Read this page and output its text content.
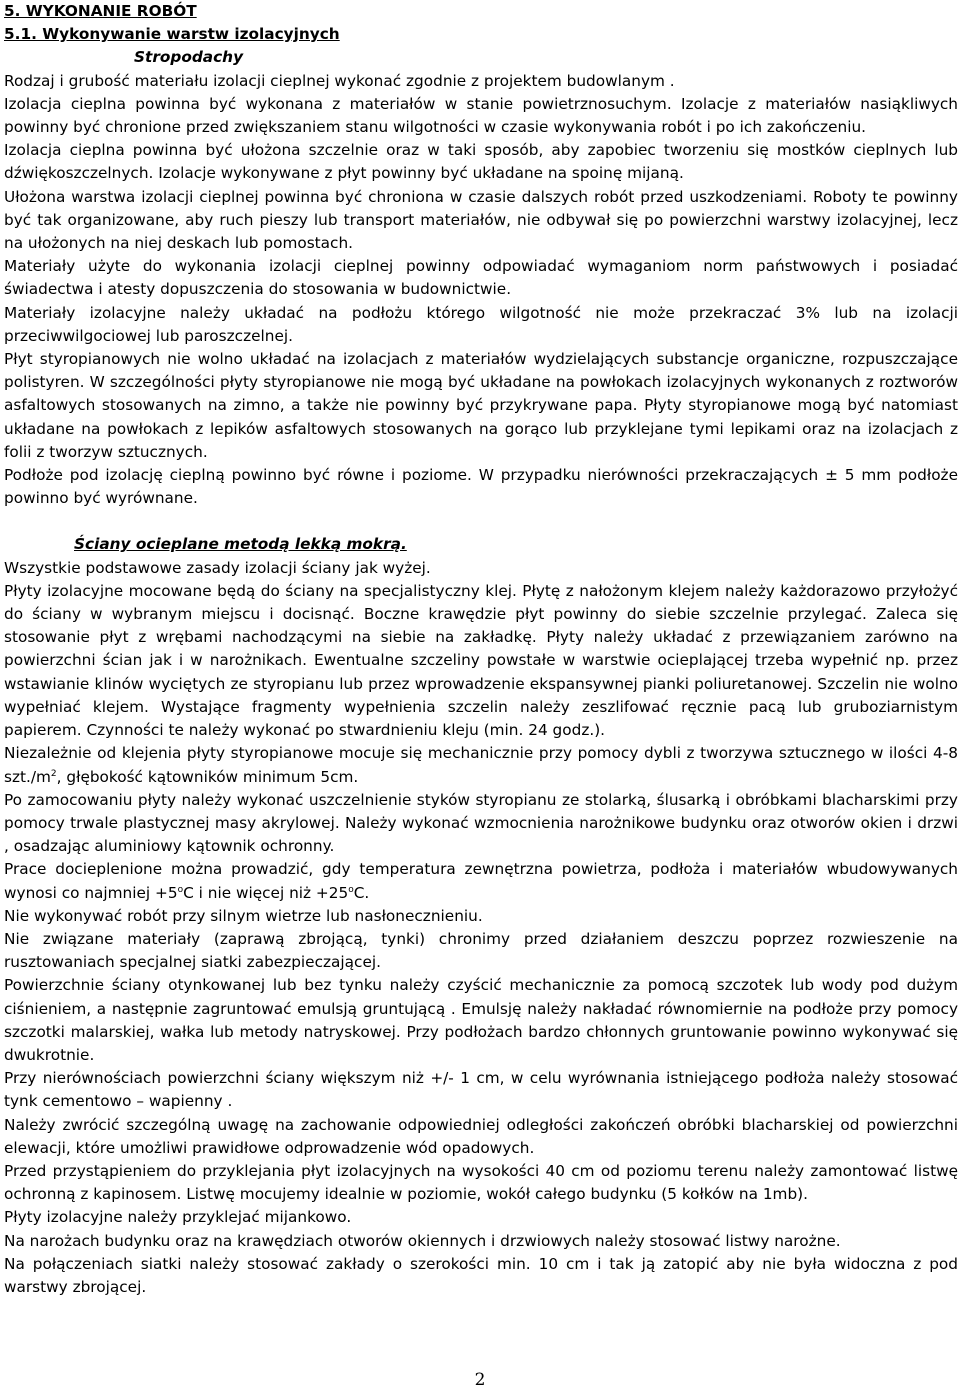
5. WYKONANIE ROBÓT
5.1. Wykonywanie warstw izolacyjnych
Stropodachy

Rodzaj i grubość materiału izolacji cieplnej wykonać zgodnie z projektem budowlanym .

Izolacja cieplna powinna być wykonana z materiałów w stanie powietrznosuchym. Izolacje z materiałów nasiąkliwych powinny być chronione przed zwiększaniem stanu wilgotności w czasie wykonywania robót i po ich zakończeniu.

Izolacja cieplna powinna być ułożona szczelnie oraz w taki sposób, aby zapobiec tworzeniu się mostków cieplnych lub dźwiękoszczelnych. Izolacje wykonywane z płyt powinny być układane na spoinę mijaną.

Ułożona warstwa izolacji cieplnej powinna być chroniona w czasie dalszych robót przed uszkodzeniami. Roboty te powinny być tak organizowane, aby ruch pieszy lub transport materiałów, nie odbywał się po powierzchni warstwy izolacyjnej, lecz na ułożonych na niej deskach lub pomostach.

Materiały użyte do wykonania izolacji cieplnej powinny odpowiadać wymaganiom norm państwowych i posiadać świadectwa i atesty dopuszczenia do stosowania w budownictwie.

Materiały izolacyjne należy układać na podłożu którego wilgotność nie może przekraczać 3% lub na izolacji przeciwwilgociowej lub paroszczelnej.

Płyt styropianowych nie wolno układać na izolacjach z materiałów wydzielających substancje organiczne, rozpuszczające polistyren. W szczególności płyty styropianowe nie mogą być układane na powłokach izolacyjnych wykonanych z roztworów asfaltowych stosowanych na zimno, a także nie powinny być przykrywane papa. Płyty styropianowe mogą być natomiast układane na powłokach z lepików asfaltowych stosowanych na gorąco lub przyklejane tymi lepikami oraz na izolacjach z folii z tworzyw sztucznych.

Podłoże pod izolację cieplną powinno być równe i poziome. W przypadku nierówności przekraczających ± 5 mm podłoże powinno być wyrównane.

Ściany ocieplane metodą lekką mokrą.

Wszystkie podstawowe zasady izolacji ściany jak wyżej.

Płyty izolacyjne mocowane będą do ściany na specjalistyczny klej. Płytę z nałożonym klejem należy każdorazowo przyłożyć do ściany w wybranym miejscu i docisnąć. Boczne krawędzie płyt powinny do siebie szczelnie przylegać. Zaleca się stosowanie płyt z wrębami nachodzącymi na siebie na zakładkę. Płyty należy układać z przewiązaniem zarówno na powierzchni ścian jak i w narożnikach. Ewentualne szczeliny powstałe w warstwie ocieplającej trzeba wypełnić np. przez wstawianie klinów wyciętych ze styropianu lub przez wprowadzenie ekspansywnej pianki poliuretanowej. Szczelin nie wolno wypełniać klejem. Wystające fragmenty wypełnienia szczelin należy zeszlifować ręcznie pacą lub gruboziarnistym papierem. Czynności te należy wykonać po stwardnieniu kleju (min. 24 godz.).

Niezależnie od klejenia płyty styropianowe mocuje się mechanicznie przy pomocy dybli z tworzywa sztucznego w ilości 4-8 $szt./m^2$, głębokość kątowników minimum 5cm.

Po zamocowaniu płyty należy wykonać uszczelnienie styków styropianu ze stolarką, ślusarką i obróbkami blacharskimi przy pomocy trwale plastycznej masy akrylowej. Należy wykonać wzmocnienia narożnikowe budynku oraz otworów okien i drzwi , osadzając aluminiowy kątownik ochronny.

Prace docieplenione można prowadzić, gdy temperatura zewnętrzna powietrza, podłoża i materiałów wbudowywanych wynosi co najmniej $+5^oC$ i nie więcej niż $+25^oC$.

Nie wykonywać robót przy silnym wietrze lub nasłonecznieniu.

Nie związane materiały (zaprawą zbrojącą, tynki) chronimy przed działaniem deszczu poprzez rozwieszenie na rusztowaniach specjalnej siatki zabezpieczającej.

Powierzchnie ściany otynkowanej lub bez tynku należy czyścić mechanicznie za pomocą szczotek lub wody pod dużym ciśnieniem, a następnie zagruntować emulsją gruntującą . Emulsję należy nakładać równomiernie na podłoże przy pomocy szczotki malarskiej, wałka lub metody natryskowej. Przy podłożach bardzo chłonnych gruntowanie powinno wykonywać się dwukrotnie.

Przy nierównościach powierzchni ściany większym niż +/- 1 cm, w celu wyrównania istniejącego podłoża należy stosować tynk cementowo – wapienny .

Należy zwrócić szczególną uwagę na zachowanie odpowiedniej odległości zakończeń obróbki blacharskiej od powierzchni elewacji, które umożliwi prawidłowe odprowadzenie wód opadowych.

Przed przystąpieniem do przyklejania płyt izolacyjnych na wysokości 40 cm od poziomu terenu należy zamontować listwę ochronną z kapinosem. Listwę mocujemy idealnie w poziomie, wokół całego budynku (5 kołków na 1mb).

Płyty izolacyjne należy przyklejać mijankowo.

Na narożach budynku oraz na krawędziach otworów okiennych i drzwiowych należy stosować listwy narożne.

Na połączeniach siatki należy stosować zakłady o szerokości min. 10 cm i tak ją zatopić aby nie była widoczna z pod warstwy zbrojącej.

2
